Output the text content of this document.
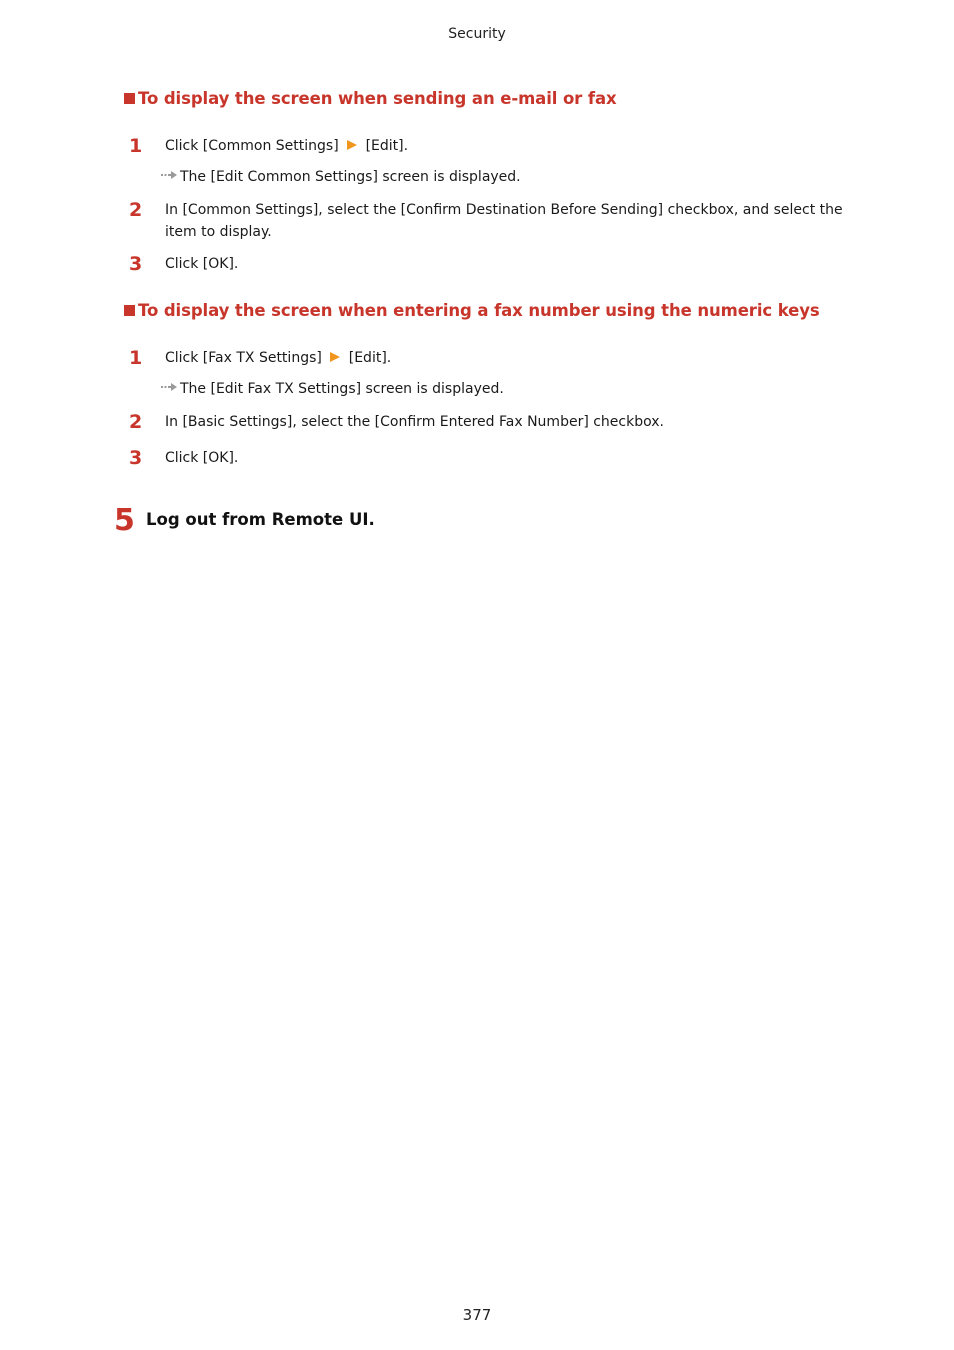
Security
To display the screen when sending an e-mail or fax
1 Click [Common Settings] [Edit].
The [Edit Common Settings] screen is displayed.
2 In [Common Settings], select the [Confirm Destination Before Sending] checkbox, and select the item to display.
3 Click [OK].
To display the screen when entering a fax number using the numeric keys
1 Click [Fax TX Settings] [Edit].
The [Edit Fax TX Settings] screen is displayed.
2 In [Basic Settings], select the [Confirm Entered Fax Number] checkbox.
3 Click [OK].
5 Log out from Remote UI.
377
